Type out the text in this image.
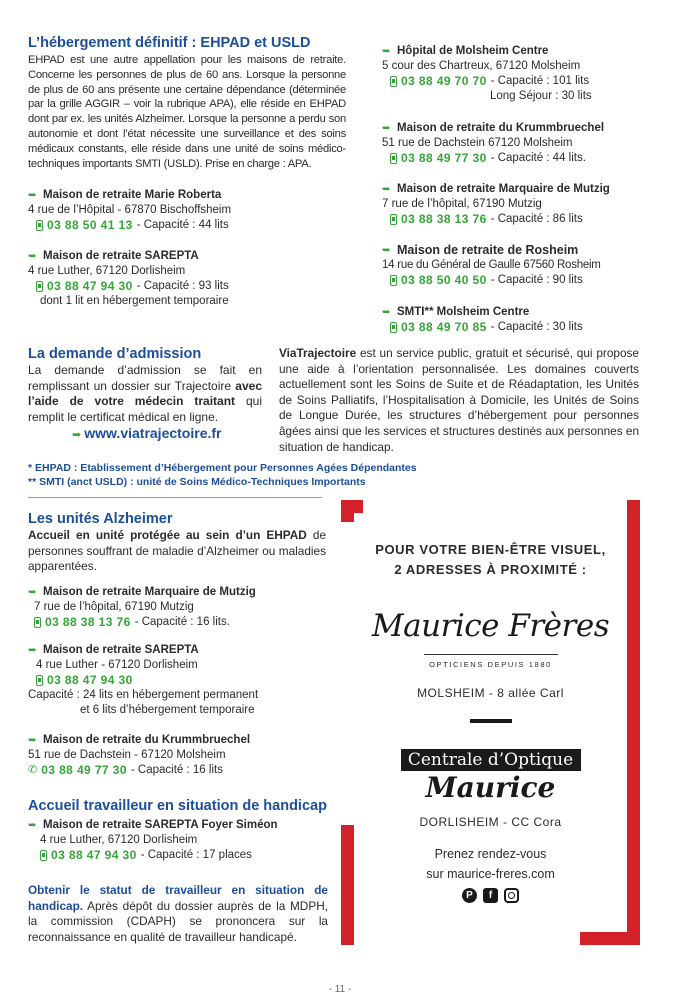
L’hébergement définitif : EHPAD et USLD
EHPAD est une autre appellation pour les maisons de retraite. Concerne les personnes de plus de 60 ans. Lorsque la personne de plus de 60 ans présente une certaine dépendance (déterminée par la grille AGGIR – voir la rubrique APA), elle réside en EHPAD dont par ex. les unités Alzheimer. Lorsque la personne a perdu son autonomie et dont l’état nécessite une surveillance et des soins médicaux constants, elle réside dans une unité de soins médico-techniques importants SMTI (USLD). Prise en charge : APA.
➥ Maison de retraite Marie Roberta
4 rue de l’Hôpital - 67870 Bischoffsheim
03 88 50 41 13 - Capacité : 44 lits
➥ Maison de retraite SAREPTA
4 rue Luther, 67120 Dorlisheim
03 88 47 94 30 - Capacité : 93 lits
dont 1 lit en hébergement temporaire
➥ Hôpital de Molsheim Centre
5 cour des Chartreux, 67120 Molsheim
03 88 49 70 70 - Capacité : 101 lits
Long Séjour : 30 lits
➥ Maison de retraite du Krummbruechel
51 rue de Dachstein 67120 Molsheim
03 88 49 77 30 - Capacité : 44 lits.
➥ Maison de retraite Marquaire de Mutzig
7 rue de l’hôpital, 67190 Mutzig
03 88 38 13 76 - Capacité : 86 lits
➥ Maison de retraite de Rosheim
14 rue du Général de Gaulle 67560 Rosheim
03 88 50 40 50 - Capacité : 90 lits
➥ SMTI** Molsheim Centre
03 88 49 70 85 - Capacité : 30 lits
La demande d’admission
La demande d’admission se fait en remplissant un dossier sur Trajectoire avec l’aide de votre médecin traitant qui remplit le certificat médical en ligne.
➥ www.viatrajectoire.fr
ViaTrajectoire est un service public, gratuit et sécurisé, qui propose une aide à l’orientation personnalisée. Les domaines couverts actuellement sont les Soins de Suite et de Réadaptation, les Unités de Soins Palliatifs, l’Hospitalisation à Domicile, les Unités de Soins de Longue Durée, les structures d’hébergement pour personnes âgées ainsi que les services et structures destinés aux personnes en situation de handicap.
* EHPAD : Etablissement d’Hébergement pour Personnes Agées Dépendantes
** SMTI (anct USLD) : unité de Soins Médico-Techniques Importants
Les unités Alzheimer
Accueil en unité protégée au sein d’un EHPAD de personnes souffrant de maladie d’Alzheimer ou maladies apparentées.
➥ Maison de retraite Marquaire de Mutzig
7 rue de l’hôpital, 67190 Mutzig
03 88 38 13 76 - Capacité : 16 lits.
➥ Maison de retraite SAREPTA
4 rue Luther - 67120 Dorlisheim
03 88 47 94 30
Capacité : 24 lits en hébergement permanent
et 6 lits d’hébergement temporaire
➥ Maison de retraite du Krummbruechel
51 rue de Dachstein - 67120 Molsheim
✆ 03 88 49 77 30 - Capacité : 16 lits
Accueil travailleur en situation de handicap
➥ Maison de retraite SAREPTA Foyer Siméon
4 rue Luther, 67120 Dorlisheim
03 88 47 94 30 - Capacité : 17 places
Obtenir le statut de travailleur en situation de handicap. Après dépôt du dossier auprès de la MDPH, la commission (CDAPH) se prononcera sur la reconnaissance en qualité de travailleur handicapé.
POUR VOTRE BIEN-ÊTRE VISUEL,
2 ADRESSES À PROXIMITÉ :
Maurice Frères
OPTICIENS DEPUIS 1880
MOLSHEIM - 8 allée Carl
Centrale d’Optique
Maurice
DORLISHEIM - CC Cora
Prenez rendez-vous
sur maurice-freres.com
P	f
- 11 -
